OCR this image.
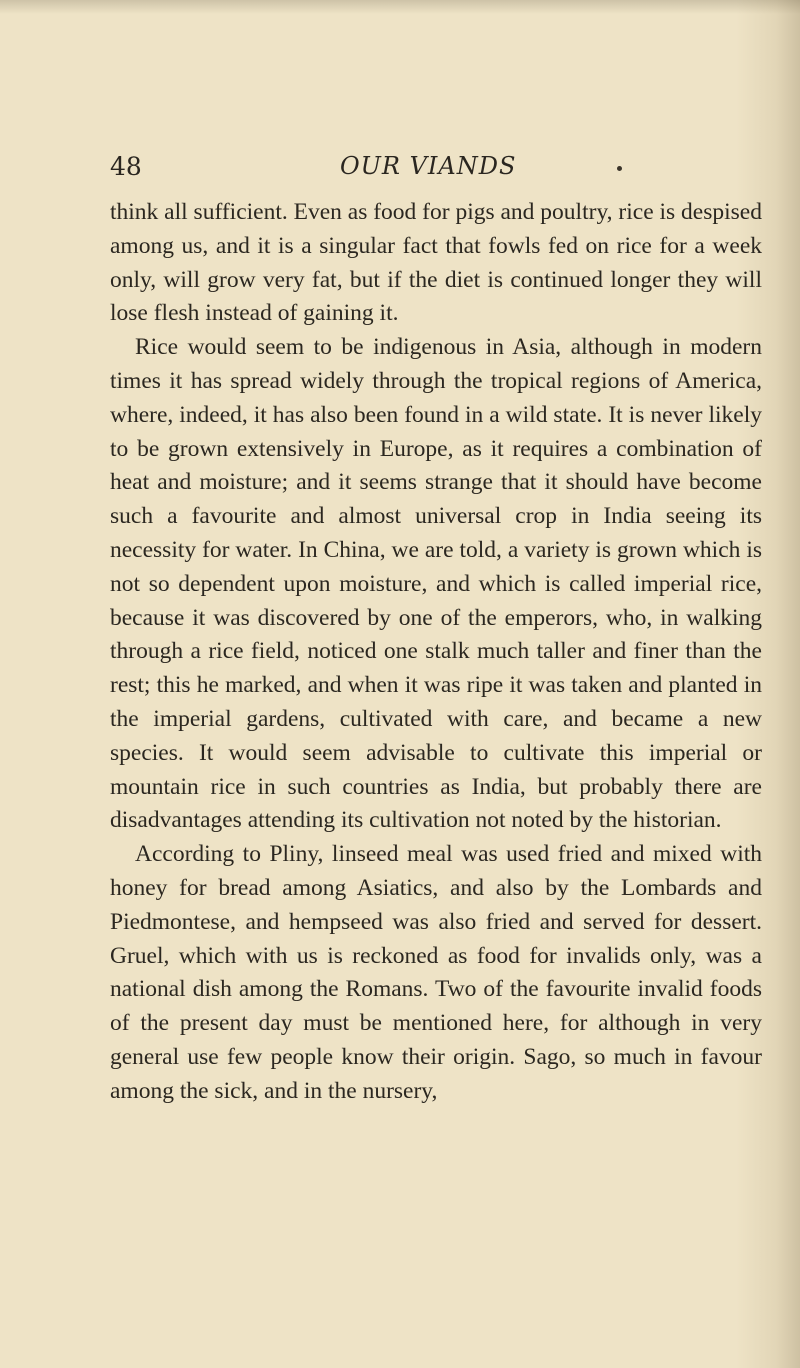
48	OUR VIANDS

think all sufficient. Even as food for pigs and poultry, rice is despised among us, and it is a singular fact that fowls fed on rice for a week only, will grow very fat, but if the diet is continued longer they will lose flesh instead of gaining it.

Rice would seem to be indigenous in Asia, although in modern times it has spread widely through the tropical regions of America, where, indeed, it has also been found in a wild state. It is never likely to be grown extensively in Europe, as it requires a combination of heat and moisture; and it seems strange that it should have become such a favourite and almost universal crop in India seeing its necessity for water. In China, we are told, a variety is grown which is not so dependent upon moisture, and which is called imperial rice, because it was discovered by one of the emperors, who, in walking through a rice field, noticed one stalk much taller and finer than the rest; this he marked, and when it was ripe it was taken and planted in the imperial gardens, cultivated with care, and became a new species. It would seem advisable to cultivate this imperial or mountain rice in such countries as India, but probably there are disadvantages attending its cultivation not noted by the historian.

According to Pliny, linseed meal was used fried and mixed with honey for bread among Asiatics, and also by the Lombards and Piedmontese, and hempseed was also fried and served for dessert. Gruel, which with us is reckoned as food for invalids only, was a national dish among the Romans. Two of the favourite invalid foods of the present day must be mentioned here, for although in very general use few people know their origin. Sago, so much in favour among the sick, and in the nursery,
